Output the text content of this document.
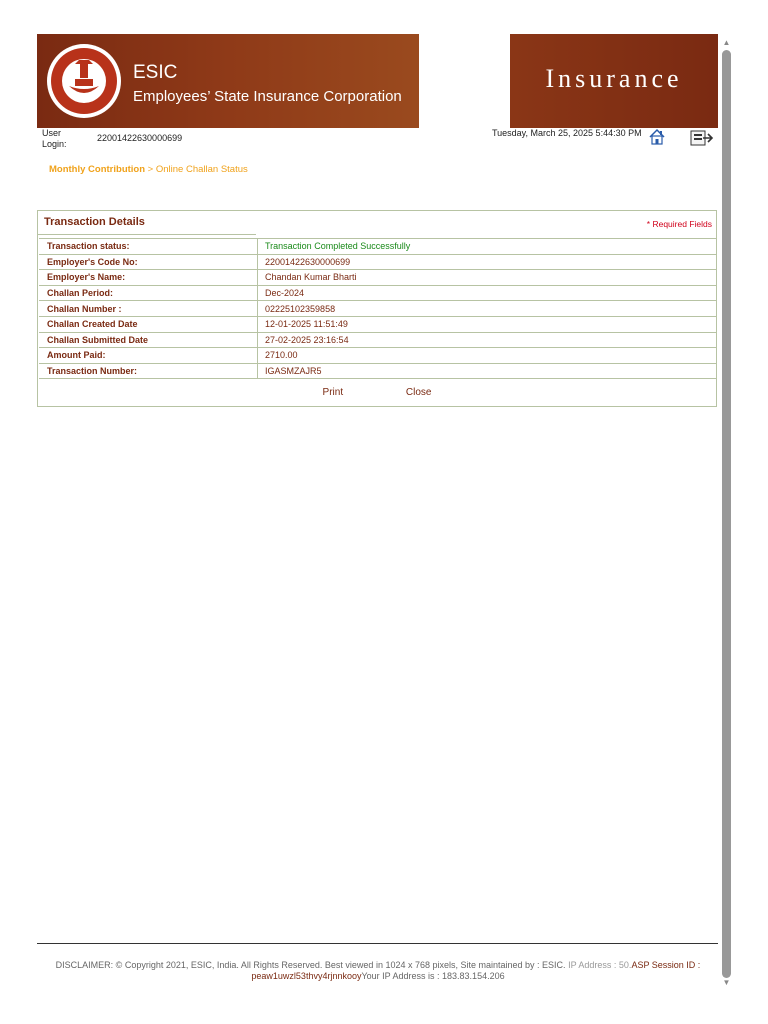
ESIC
Employees’ State Insurance Corporation
Insurance
User Login:
22001422630000699	Tuesday, March 25, 2025 5:44:30 PM
Monthly Contribution > Online Challan Status
Transaction Details	* Required Fields
Transaction status:	Transaction Completed Successfully
Employer's Code No:	22001422630000699
Employer's Name:	Chandan Kumar Bharti
Challan Period:	Dec-2024
Challan Number :	02225102359858
Challan Created Date	12-01-2025 11:51:49
Challan Submitted Date	27-02-2025 23:16:54
Amount Paid:	2710.00
Transaction Number:	IGASMZAJR5
Print	Close
▲
▼
DISCLAIMER: © Copyright 2021, ESIC, India. All Rights Reserved. Best viewed in 1024 x 768 pixels, Site maintained by : ESIC. IP Address : 50.ASP Session ID : peaw1uwzl53thvy4rjnnkooyYour IP Address is : 183.83.154.206
